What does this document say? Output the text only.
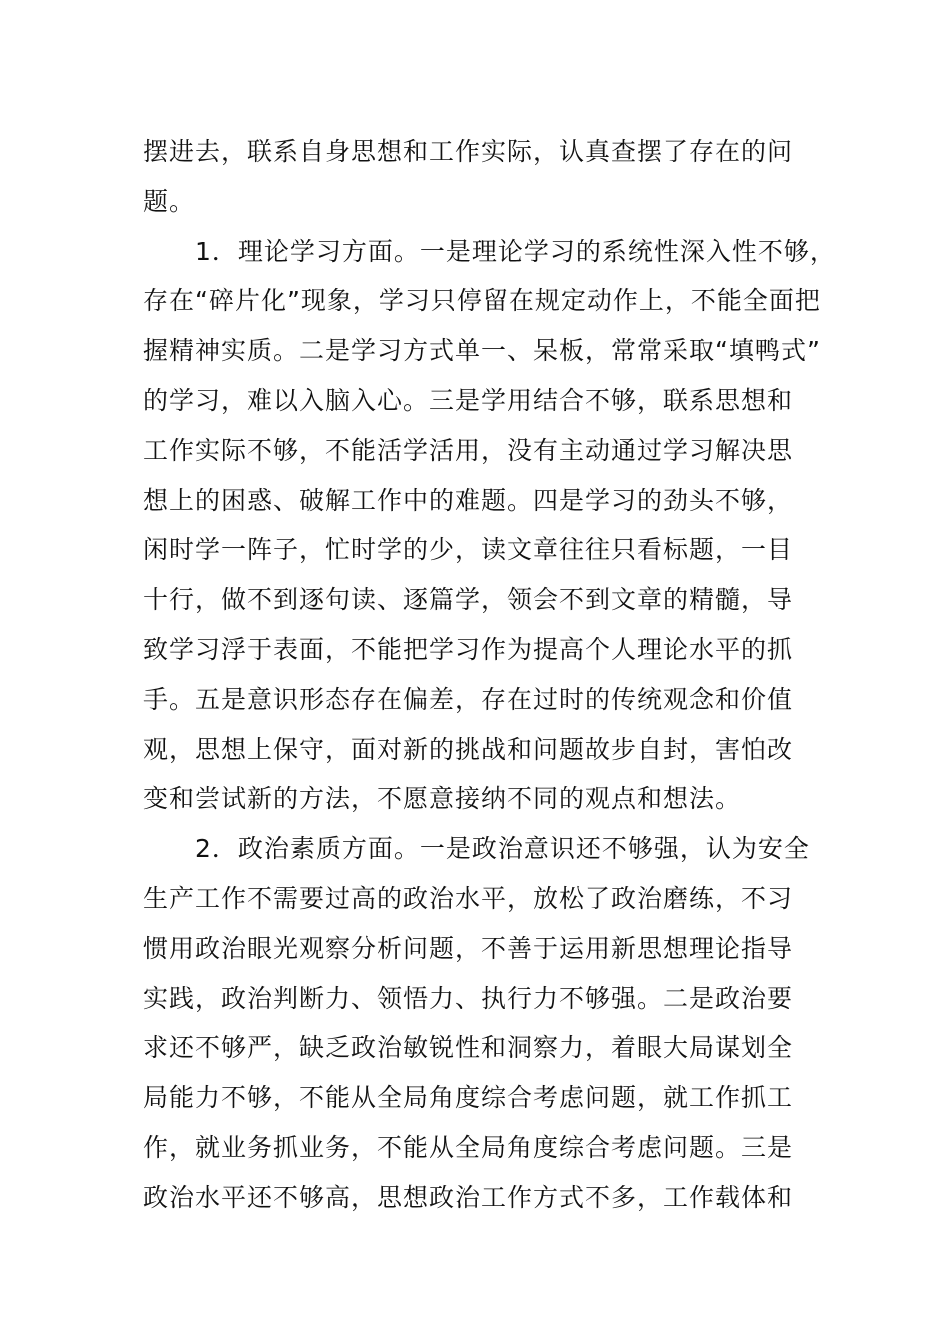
摆进去，联系自身思想和工作实际，认真查摆了存在的问
题。
　　1．理论学习方面。一是理论学习的系统性深入性不够，
存在“碎片化”现象，学习只停留在规定动作上，不能全面把
握精神实质。二是学习方式单一、呆板，常常采取“填鸭式”
的学习，难以入脑入心。三是学用结合不够，联系思想和
工作实际不够，不能活学活用，没有主动通过学习解决思
想上的困惑、破解工作中的难题。四是学习的劲头不够，
闲时学一阵子，忙时学的少，读文章往往只看标题，一目
十行，做不到逐句读、逐篇学，领会不到文章的精髓，导
致学习浮于表面，不能把学习作为提高个人理论水平的抓
手。五是意识形态存在偏差，存在过时的传统观念和价值
观，思想上保守，面对新的挑战和问题故步自封，害怕改
变和尝试新的方法，不愿意接纳不同的观点和想法。
　　2．政治素质方面。一是政治意识还不够强，认为安全
生产工作不需要过高的政治水平，放松了政治磨练，不习
惯用政治眼光观察分析问题，不善于运用新思想理论指导
实践，政治判断力、领悟力、执行力不够强。二是政治要
求还不够严，缺乏政治敏锐性和洞察力，着眼大局谋划全
局能力不够，不能从全局角度综合考虑问题，就工作抓工
作，就业务抓业务，不能从全局角度综合考虑问题。三是
政治水平还不够高，思想政治工作方式不多，工作载体和
